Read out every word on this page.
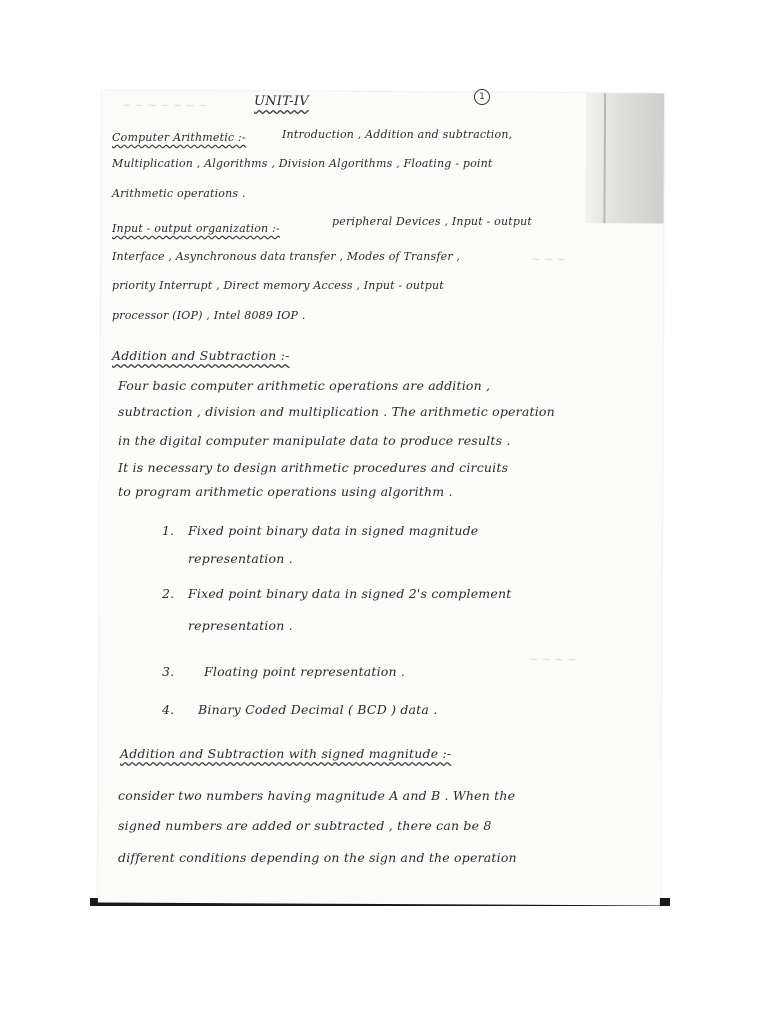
~ ~ ~ ~ ~ ~ ~
~ ~ ~
~ ~ ~ ~
UNIT-IV	1
Computer Arithmetic :-	Introduction , Addition and subtraction,
Multiplication , Algorithms , Division Algorithms , Floating - point
Arithmetic operations .
Input - output organization :-
peripheral Devices , Input - output
Interface , Asynchronous data transfer , Modes of Transfer ,
priority Interrupt , Direct memory Access , Input - output
processor (IOP) , Intel 8089 IOP .
Addition and Subtraction :-
Four basic computer arithmetic operations are addition ,
subtraction , division and multiplication . The arithmetic operation
in the digital computer manipulate data to produce results .
It is necessary to design arithmetic procedures and circuits
to program arithmetic operations using algorithm .
1. Fixed point binary data in signed magnitude
representation .
2. Fixed point binary data in signed 2's complement
representation .
3. Floating point representation .
4. Binary Coded Decimal ( BCD ) data .
Addition and Subtraction with signed magnitude :-
consider two numbers having magnitude A and B . When the
signed numbers are added or subtracted , there can be 8
different conditions depending on the sign and the operation
